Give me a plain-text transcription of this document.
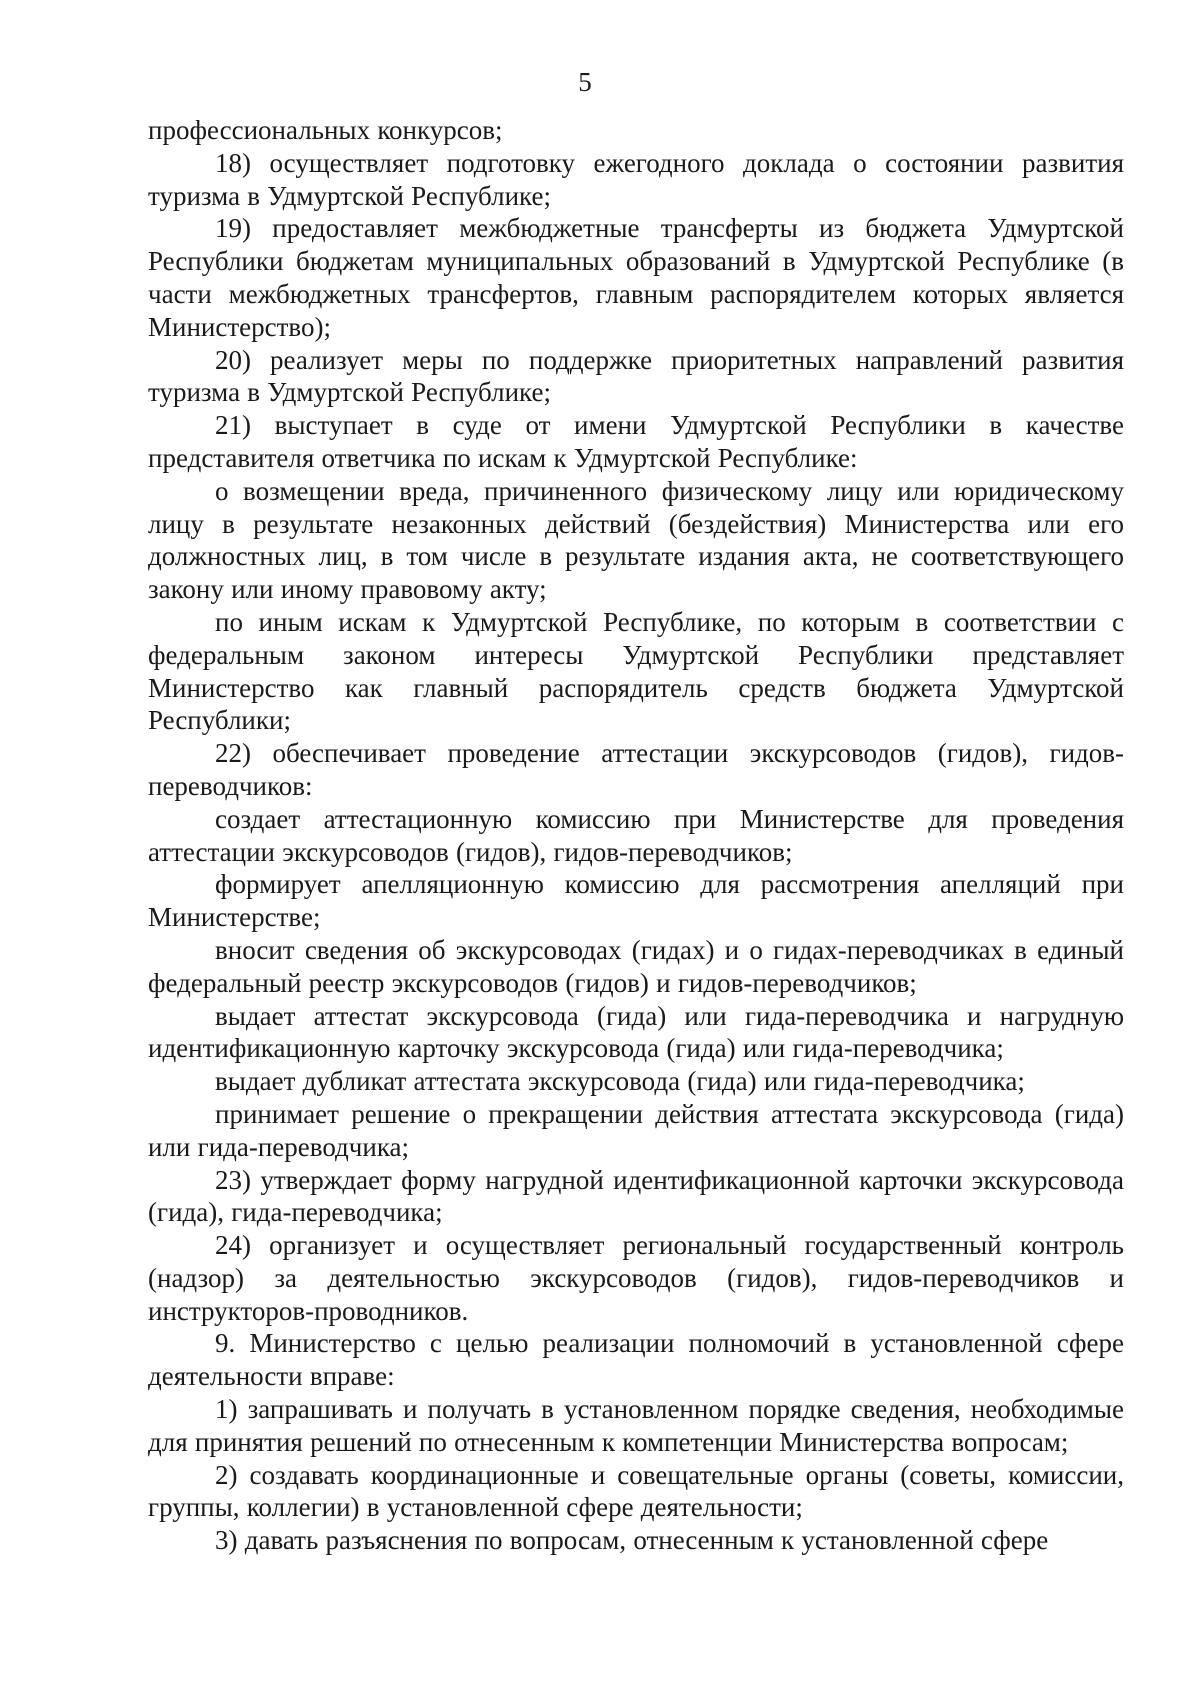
5

профессиональных конкурсов;

18) осуществляет подготовку ежегодного доклада о состоянии развития туризма в Удмуртской Республике;

19) предоставляет межбюджетные трансферты из бюджета Удмуртской Республики бюджетам муниципальных образований в Удмуртской Республике (в части межбюджетных трансфертов, главным распорядителем которых является Министерство);

20) реализует меры по поддержке приоритетных направлений развития туризма в Удмуртской Республике;

21) выступает в суде от имени Удмуртской Республики в качестве представителя ответчика по искам к Удмуртской Республике:

о возмещении вреда, причиненного физическому лицу или юридическому лицу в результате незаконных действий (бездействия) Министерства или его должностных лиц, в том числе в результате издания акта, не соответствующего закону или иному правовому акту;

по иным искам к Удмуртской Республике, по которым в соответствии с федеральным законом интересы Удмуртской Республики представляет Министерство как главный распорядитель средств бюджета Удмуртской Республики;

22) обеспечивает проведение аттестации экскурсоводов (гидов), гидов-переводчиков:

создает аттестационную комиссию при Министерстве для проведения аттестации экскурсоводов (гидов), гидов-переводчиков;

формирует апелляционную комиссию для рассмотрения апелляций при Министерстве;

вносит сведения об экскурсоводах (гидах) и о гидах-переводчиках в единый федеральный реестр экскурсоводов (гидов) и гидов-переводчиков;

выдает аттестат экскурсовода (гида) или гида-переводчика и нагрудную идентификационную карточку экскурсовода (гида) или гида-переводчика;

выдает дубликат аттестата экскурсовода (гида) или гида-переводчика;

принимает решение о прекращении действия аттестата экскурсовода (гида) или гида-переводчика;

23) утверждает форму нагрудной идентификационной карточки экскурсовода (гида), гида-переводчика;

24) организует и осуществляет региональный государственный контроль (надзор) за деятельностью экскурсоводов (гидов), гидов-переводчиков и инструкторов-проводников.

9. Министерство с целью реализации полномочий в установленной сфере деятельности вправе:

1) запрашивать и получать в установленном порядке сведения, необходимые для принятия решений по отнесенным к компетенции Министерства вопросам;

2) создавать координационные и совещательные органы (советы, комиссии, группы, коллегии) в установленной сфере деятельности;

3) давать разъяснения по вопросам, отнесенным к установленной сфере
